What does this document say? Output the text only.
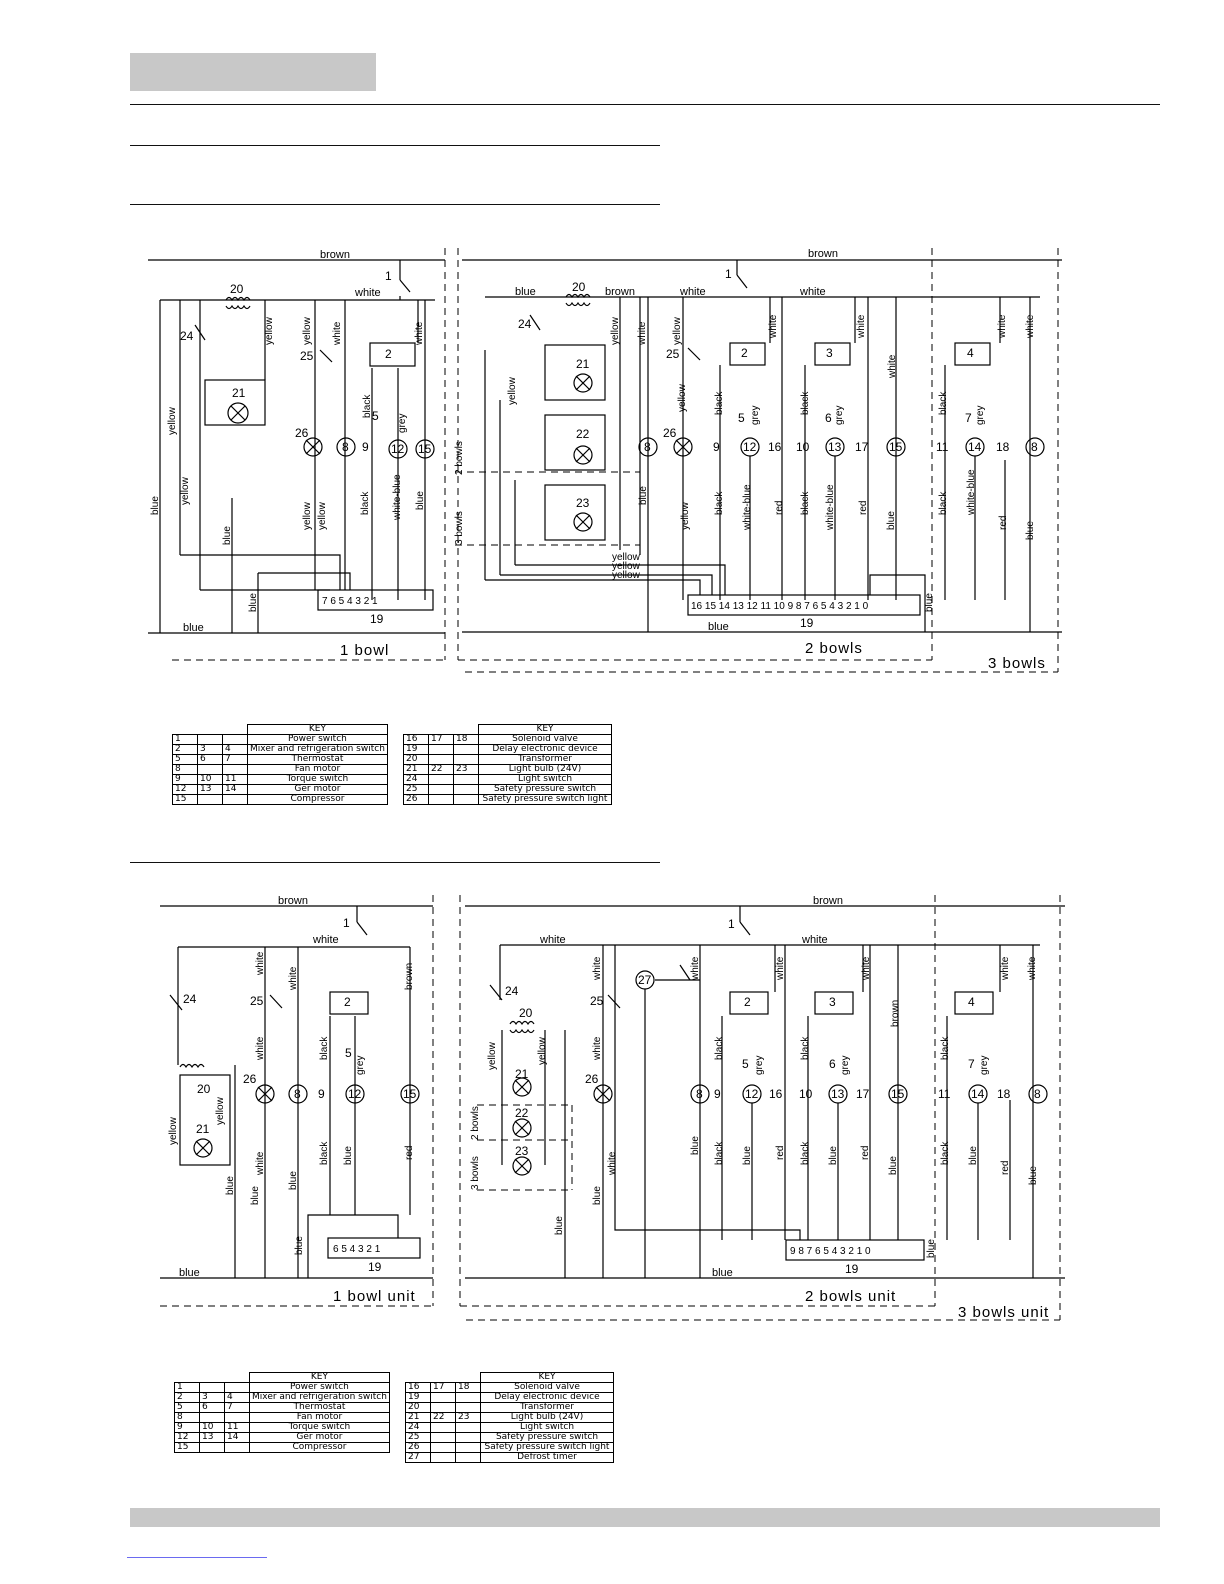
brown
white
blue
1 bowl
1
20
yellow
yellow
blue
24
21
yellow	yellow
25
26
yellow yellow
white
8
2
white
black 5 grey
12
9	15
black white-blue blue
7 6 5 4 3 2 1
19
blue
blue
brown
2 bowls
3 bowls
1
blue	brown	white	white
20
21
22
23
24
yellow
2 bowls
3 bowls
yellow
yellow
yellow
yellow white
8
blue
yellow
25
26
yellow
yellow
2
white
black
5 grey
9 12 16
black white-blue red
3
white
black
6 grey
10 13 17
black white-blue red
white
15
blue
4
white white
black
7 grey
11 14 18 8
black white-blue
red blue
16 15 14 13 12 11 10 9 8 7 6 5 4 3 2 1 0
19
blue
blue
brown
white
blue
1 bowl unit
1
24
20
21
yellow
yellow
blue
white
25
white
26
white
blue
white
8
blue
blue
2
black 5
grey
9 12
black blue
brown
15
red
6 5 4 3 2 1
19
brown
2 bowls unit
3 bowls unit
1
white	white
24
20
yellow	yellow
21
22
23
2 bowls
3 bowls
blue
white
25
white
26
white
blue
27	white
8
blue
blue
2
white
black
5 grey
9 12 16
black blue red
3
white
black
6 grey
10 13 17
black blue red
brown
15
blue
4
white white
black
7 grey
11 14 18 8
black blue
red blue
9 8 7 6 5 4 3 2 1 0
19
blue
			KEY
1			Power switch
2	3	4	Mixer and refrigeration switch
5	6	7	Thermostat
8			Fan motor
9	10	11	Torque switch
12	13	14	Ger motor
15			Compressor
			KEY
16	17	18	Solenoid valve
19			Delay electronic device
20			Transformer
21	22	23	Light bulb (24V)
24			Light switch
25			Safety pressure switch
26			Safety pressure switch light
			KEY
1			Power switch
2	3	4	Mixer and refrigeration switch
5	6	7	Thermostat
8			Fan motor
9	10	11	Torque switch
12	13	14	Ger motor
15			Compressor
			KEY
16	17	18	Solenoid valve
19			Delay electronic device
20			Transformer
21	22	23	Light bulb (24V)
24			Light switch
25			Safety pressure switch
26			Safety pressure switch light
27			Defrost timer
